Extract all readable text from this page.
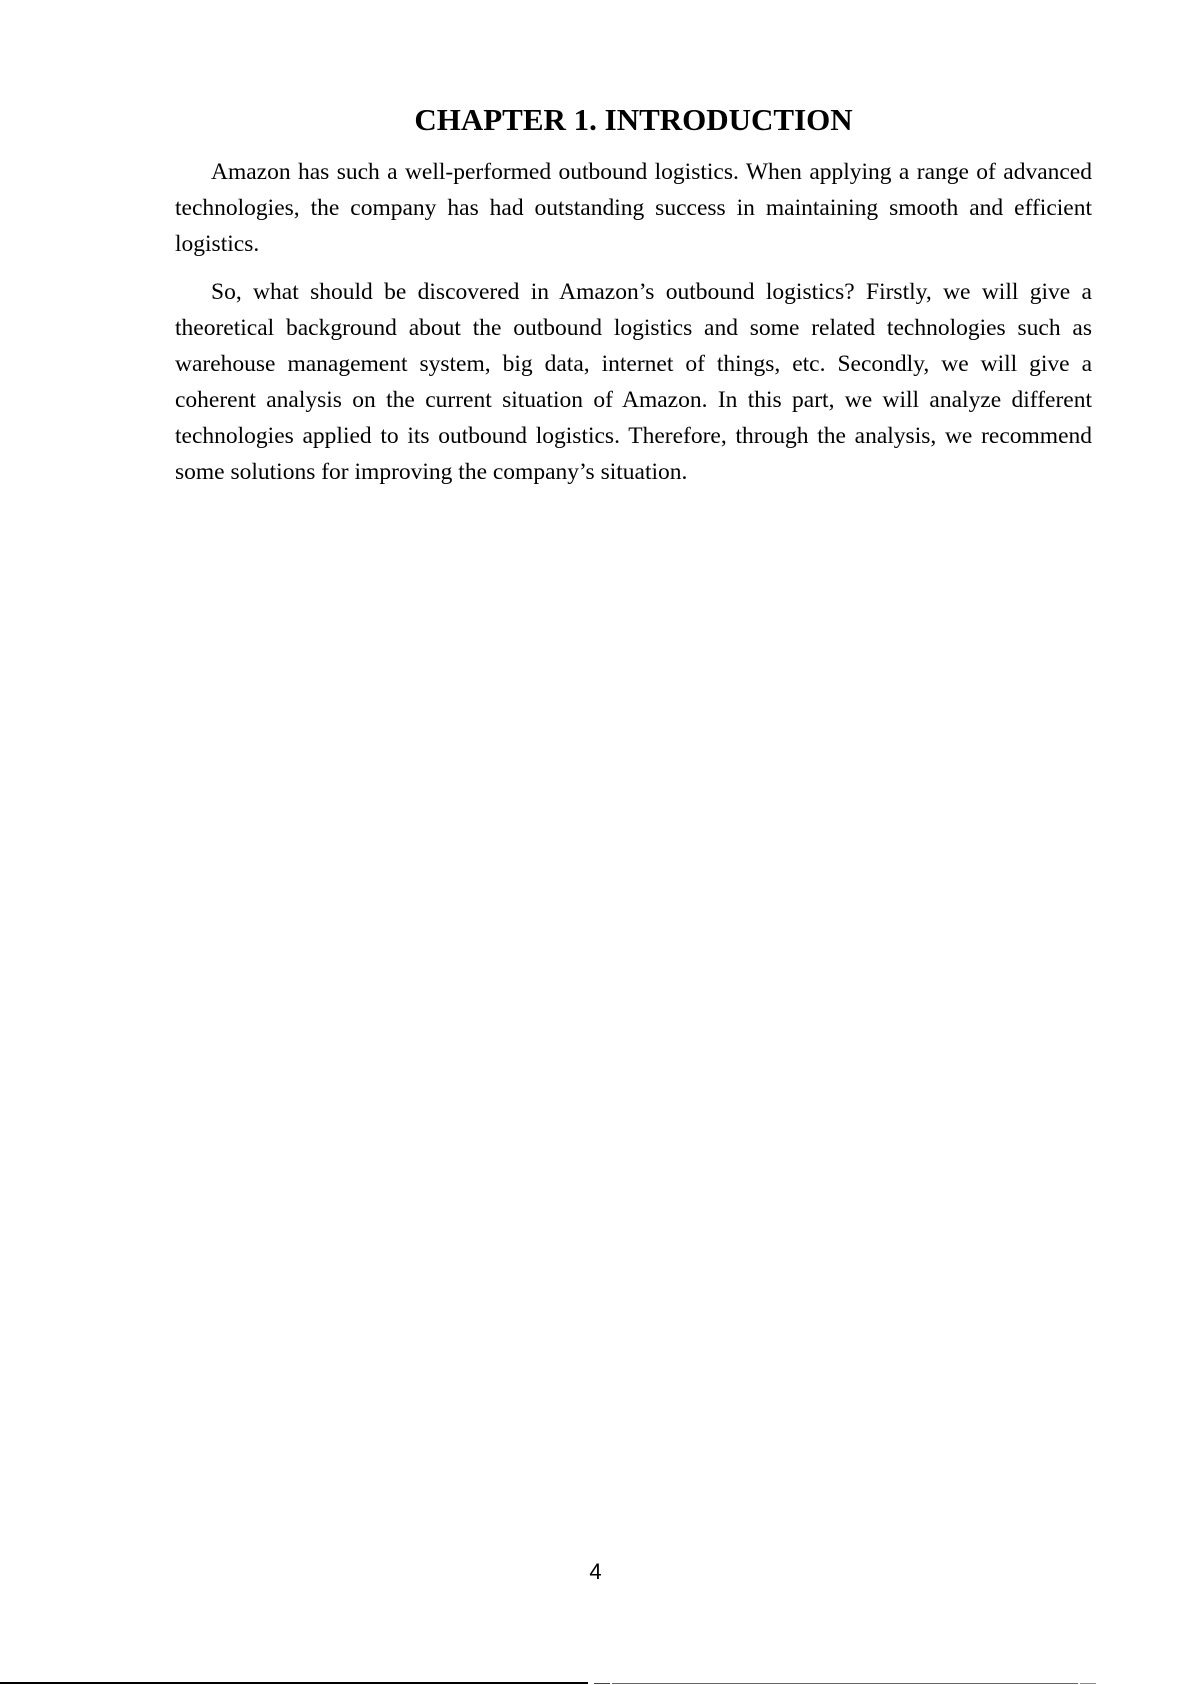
CHAPTER 1. INTRODUCTION

Amazon has such a well-performed outbound logistics. When applying a range of advanced technologies, the company has had outstanding success in maintaining smooth and efficient logistics.

So, what should be discovered in Amazon’s outbound logistics? Firstly, we will give a theoretical background about the outbound logistics and some related technologies such as warehouse management system, big data, internet of things, etc. Secondly, we will give a coherent analysis on the current situation of Amazon. In this part, we will analyze different technologies applied to its outbound logistics. Therefore, through the analysis, we recommend some solutions for improving the company’s situation.

4
